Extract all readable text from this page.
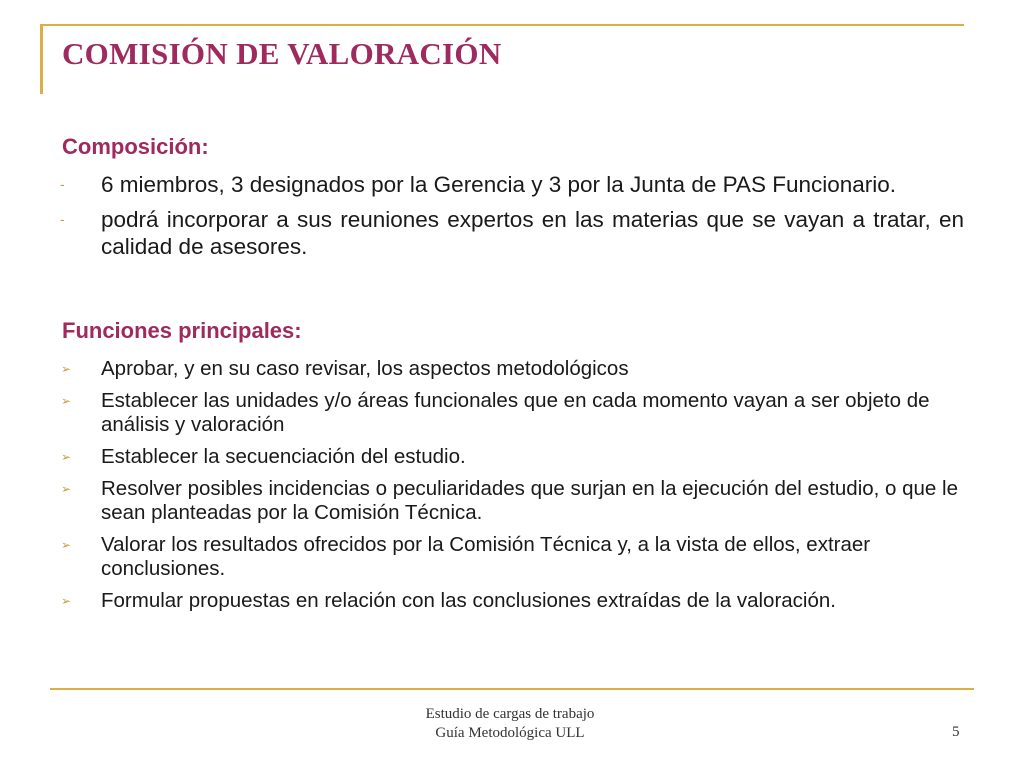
COMISIÓN DE VALORACIÓN
Composición:
- 6 miembros, 3 designados por la Gerencia y 3 por la Junta de PAS Funcionario.
- podrá incorporar a sus reuniones expertos en las materias que se vayan a tratar, en calidad de asesores.
Funciones principales:
➢ Aprobar, y en su caso revisar, los aspectos metodológicos
➢ Establecer las unidades y/o áreas funcionales que en cada momento vayan a ser objeto de análisis y valoración
➢ Establecer la secuenciación del estudio.
➢ Resolver posibles incidencias o peculiaridades que surjan en la ejecución del estudio, o que le sean planteadas por la Comisión Técnica.
➢ Valorar los resultados ofrecidos por la Comisión Técnica y, a la vista de ellos, extraer conclusiones.
➢ Formular propuestas en relación con las conclusiones extraídas de la valoración.
Estudio de cargas de trabajo
Guía Metodológica ULL	5
